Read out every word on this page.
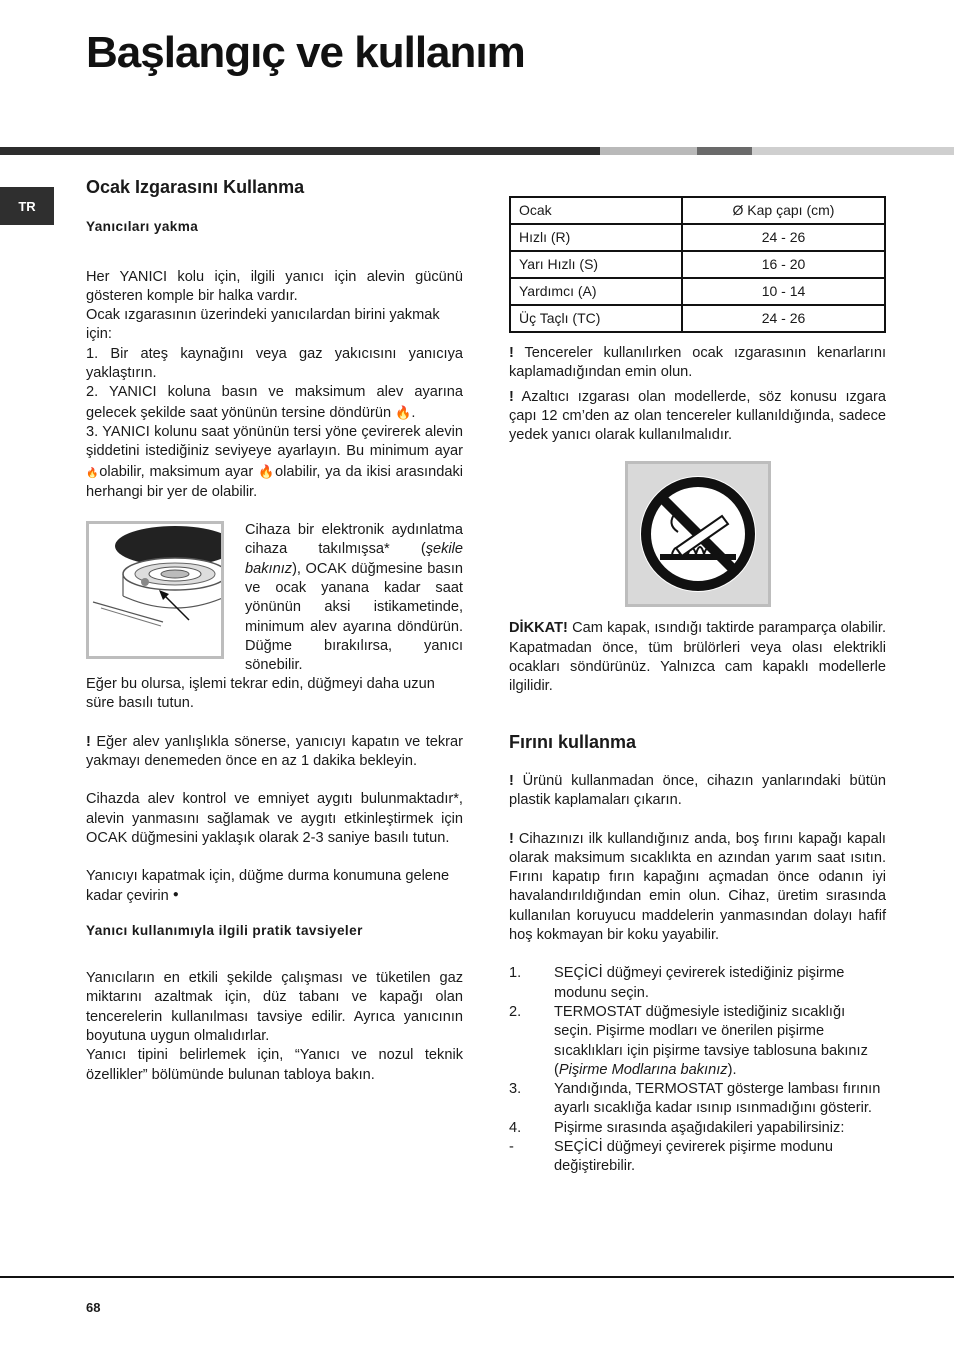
Başlangıç ve kullanım
TR

Ocak Izgarasını Kullanma

Yanıcıları yakma

Her YANICI kolu için, ilgili yanıcı için alevin gücünü gösteren komple bir halka vardır.

Ocak ızgarasının üzerindeki yanıcılardan birini yakmak için:

1. Bir ateş kaynağını veya gaz yakıcısını yanıcıya yaklaştırın.

2. YANICI koluna basın ve maksimum alev ayarına gelecek şekilde saat yönünün tersine döndürün 🔥.

3. YANICI kolunu saat yönünün tersi yöne çevirerek alevin şiddetini istediğiniz seviyeye ayarlayın. Bu minimum ayar 🔥olabilir, maksimum ayar 🔥olabilir, ya da ikisi arasındaki herhangi bir yer de olabilir.

Cihaza bir elektronik aydınlatma cihaza takılmışsa* (şekile bakınız), OCAK düğmesine basın ve ocak yanana kadar saat yönünün aksi istikametinde, minimum alev ayarına döndürün. Düğme bırakılırsa, yanıcı sönebilir.

Eğer bu olursa, işlemi tekrar edin, düğmeyi daha uzun süre basılı tutun.

! Eğer alev yanlışlıkla sönerse, yanıcıyı kapatın ve tekrar yakmayı denemeden önce en az 1 dakika bekleyin.

Cihazda alev kontrol ve emniyet aygıtı bulunmaktadır*, alevin yanmasını sağlamak ve aygıtı etkinleştirmek için OCAK düğmesini yaklaşık olarak 2-3 saniye basılı tutun.

Yanıcıyı kapatmak için, düğme durma konumuna gelene kadar çevirin ●

Yanıcı kullanımıyla ilgili pratik tavsiyeler

Yanıcıların en etkili şekilde çalışması ve tüketilen gaz miktarını azaltmak için, düz tabanı ve kapağı olan tencerelerin kullanılması tavsiye edilir. Ayrıca yanıcının boyutuna uygun olmalıdırlar.

Yanıcı tipini belirlemek için, “Yanıcı ve nozul teknik özellikler” bölümünde bulunan tabloya bakın.

Ocak	Ø Kap çapı (cm)
Hızlı (R)	24 - 26
Yarı Hızlı (S)	16 - 20
Yardımcı (A)	10 - 14
Üç Taçlı (TC)	24 - 26

! Tencereler kullanılırken ocak ızgarasının kenarlarını kaplamadığından emin olun.

! Azaltıcı ızgarası olan modellerde, söz konusu ızgara çapı 12 cm’den az olan tencereler kullanıldığında, sadece yedek yanıcı olarak kullanılmalıdır.

DİKKAT! Cam kapak, ısındığı taktirde paramparça olabilir. Kapatmadan önce, tüm brülörleri veya olası elektrikli ocakları söndürünüz. Yalnızca cam kapaklı modellerle ilgilidir.

Fırını kullanma

! Ürünü kullanmadan önce, cihazın yanlarındaki bütün plastik kaplamaları çıkarın.

! Cihazınızı ilk kullandığınız anda, boş fırını kapağı kapalı olarak maksimum sıcaklıkta en azından yarım saat ısıtın. Fırını kapatıp fırın kapağını açmadan önce odanın iyi havalandırıldığından emin olun. Cihaz, üretim sırasında kullanılan koruyucu maddelerin yanmasından dolayı hafif hoş kokmayan bir koku yayabilir.

1.	SEÇİCİ düğmeyi çevirerek istediğiniz pişirme modunu seçin.
2.	TERMOSTAT düğmesiyle istediğiniz sıcaklığı seçin. Pişirme modları ve önerilen pişirme sıcaklıkları için pişirme tavsiye tablosuna bakınız (Pişirme Modlarına bakınız).
3.	Yandığında, TERMOSTAT gösterge lambası fırının ayarlı sıcaklığa kadar ısınıp ısınmadığını gösterir.
4.	Pişirme sırasında aşağıdakileri yapabilirsiniz:
-	SEÇİCİ düğmeyi çevirerek pişirme modunu değiştirebilir.
68
